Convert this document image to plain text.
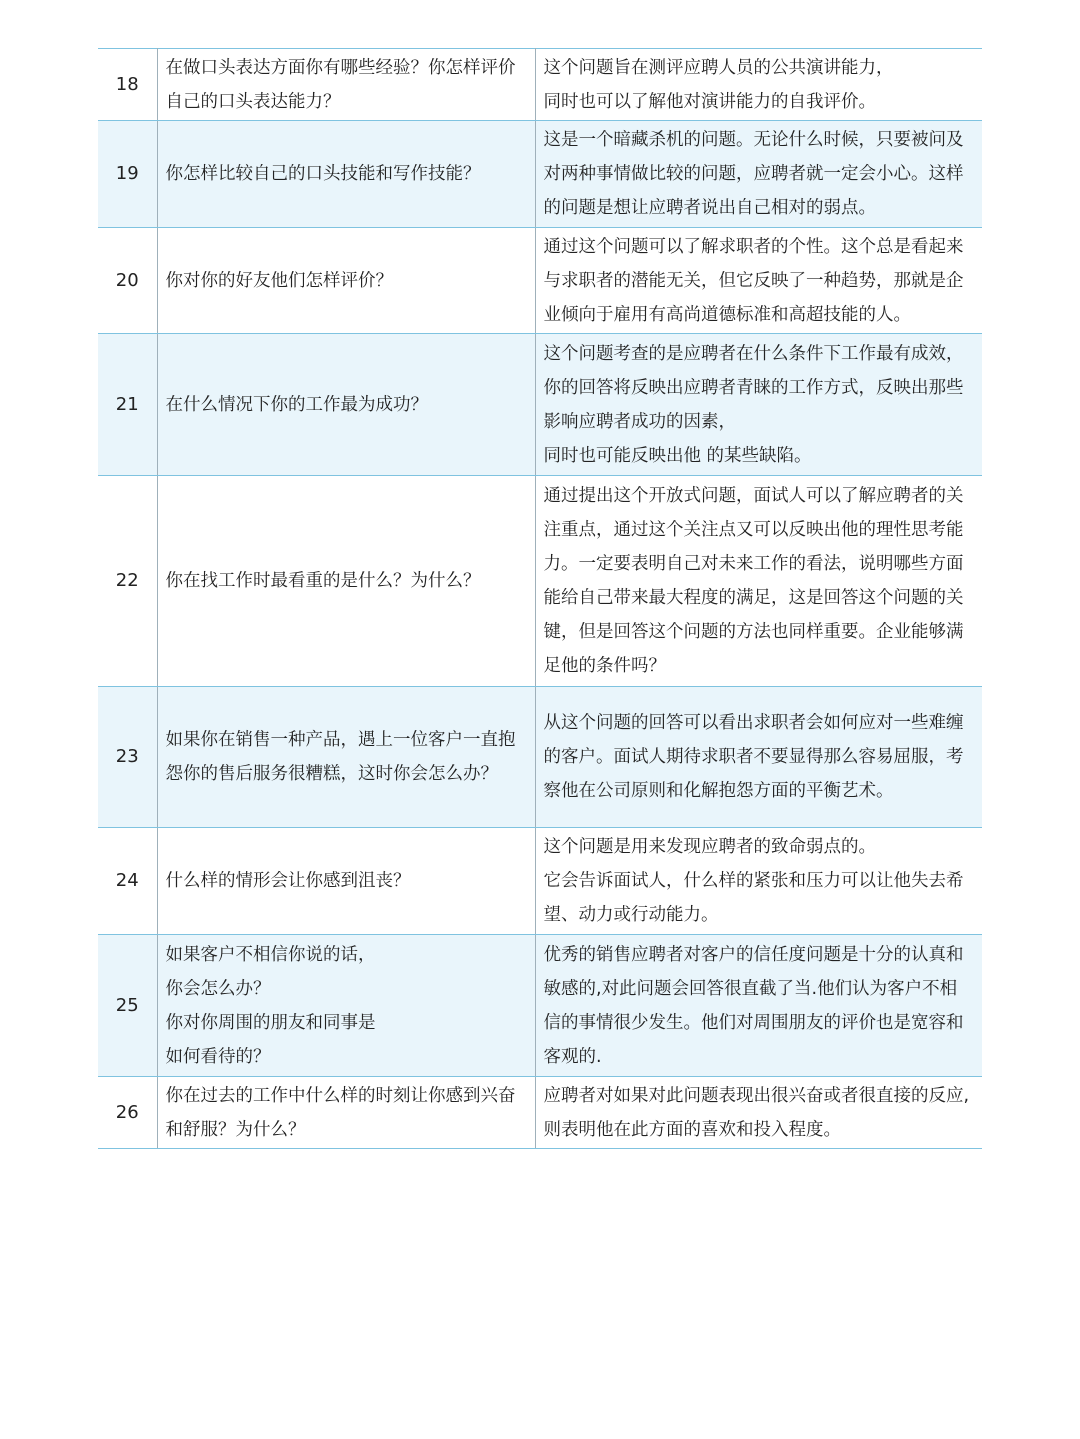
18	在做口头表达方面你有哪些经验？你怎样评价自己的口头表达能力？	这个问题旨在测评应聘人员的公共演讲能力，
同时也可以了解他对演讲能力的自我评价。

19	你怎样比较自己的口头技能和写作技能？	这是一个暗藏杀机的问题。无论什么时候，只要被问及对两种事情做比较的问题，应聘者就一定会小心。这样的问题是想让应聘者说出自己相对的弱点。

20	你对你的好友他们怎样评价？	通过这个问题可以了解求职者的个性。这个总是看起来与求职者的潜能无关，但它反映了一种趋势，那就是企业倾向于雇用有高尚道德标准和高超技能的人。

21	在什么情况下你的工作最为成功？	这个问题考查的是应聘者在什么条件下工作最有成效，你的回答将反映出应聘者青睐的工作方式，反映出那些影响应聘者成功的因素，
同时也可能反映出他 的某些缺陷。

22	你在找工作时最看重的是什么？为什么？	通过提出这个开放式问题，面试人可以了解应聘者的关注重点，通过这个关注点又可以反映出他的理性思考能力。一定要表明自己对未来工作的看法，说明哪些方面能给自己带来最大程度的满足，这是回答这个问题的关键，但是回答这个问题的方法也同样重要。企业能够满足他的条件吗？

23	如果你在销售一种产品，遇上一位客户一直抱怨你的售后服务很糟糕，这时你会怎么办？	从这个问题的回答可以看出求职者会如何应对一些难缠的客户。面试人期待求职者不要显得那么容易屈服，考察他在公司原则和化解抱怨方面的平衡艺术。

24	什么样的情形会让你感到沮丧？	这个问题是用来发现应聘者的致命弱点的。
它会告诉面试人，什么样的紧张和压力可以让他失去希望、动力或行动能力。

25	如果客户不相信你说的话，
你会怎么办？
你对你周围的朋友和同事是
如何看待的？	优秀的销售应聘者对客户的信任度问题是十分的认真和敏感的,对此问题会回答很直截了当.他们认为客户不相信的事情很少发生。他们对周围朋友的评价也是宽容和客观的.

26	你在过去的工作中什么样的时刻让你感到兴奋和舒服？为什么？	应聘者对如果对此问题表现出很兴奋或者很直接的反应,则表明他在此方面的喜欢和投入程度。
